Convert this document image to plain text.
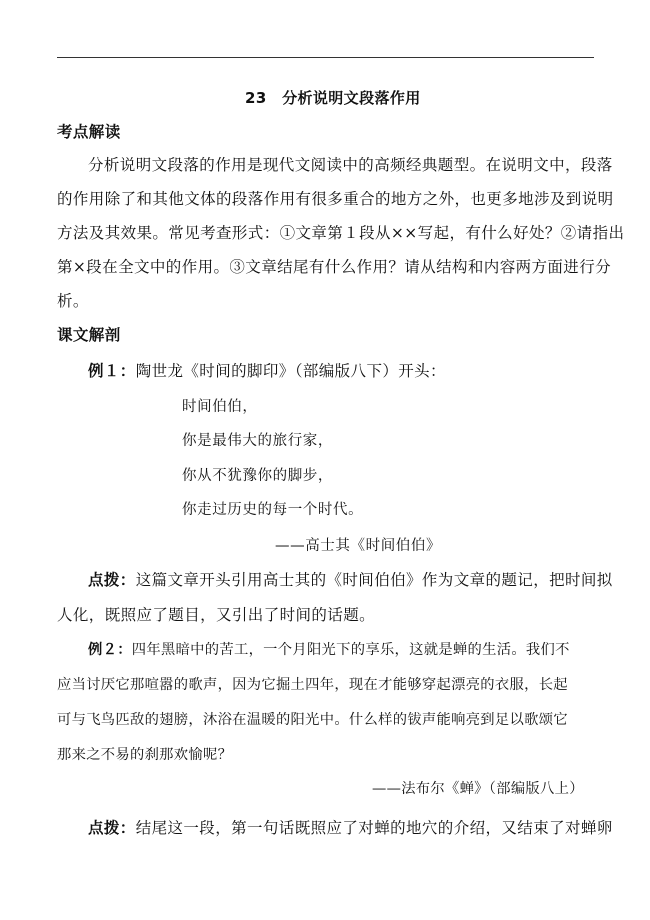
23　分析说明文段落作用
考点解读
分析说明文段落的作用是现代文阅读中的高频经典题型。在说明文中，段落
的作用除了和其他文体的段落作用有很多重合的地方之外，也更多地涉及到说明
方法及其效果。常见考查形式：①文章第１段从××写起，有什么好处？②请指出
第×段在全文中的作用。③文章结尾有什么作用？请从结构和内容两方面进行分
析。
课文解剖
例１：陶世龙《时间的脚印》（部编版八下）开头：
时间伯伯，
你是最伟大的旅行家，
你从不犹豫你的脚步，
你走过历史的每一个时代。
——高士其《时间伯伯》
点拨：这篇文章开头引用高士其的《时间伯伯》作为文章的题记，把时间拟
人化，既照应了题目，又引出了时间的话题。
例２：四年黑暗中的苦工，一个月阳光下的享乐，这就是蝉的生活。我们不
应当讨厌它那喧嚣的歌声，因为它掘土四年，现在才能够穿起漂亮的衣服，长起
可与飞鸟匹敌的翅膀，沐浴在温暖的阳光中。什么样的钹声能响亮到足以歌颂它
那来之不易的刹那欢愉呢？
——法布尔《蝉》（部编版八上）
点拨：结尾这一段，第一句话既照应了对蝉的地穴的介绍，又结束了对蝉卵
